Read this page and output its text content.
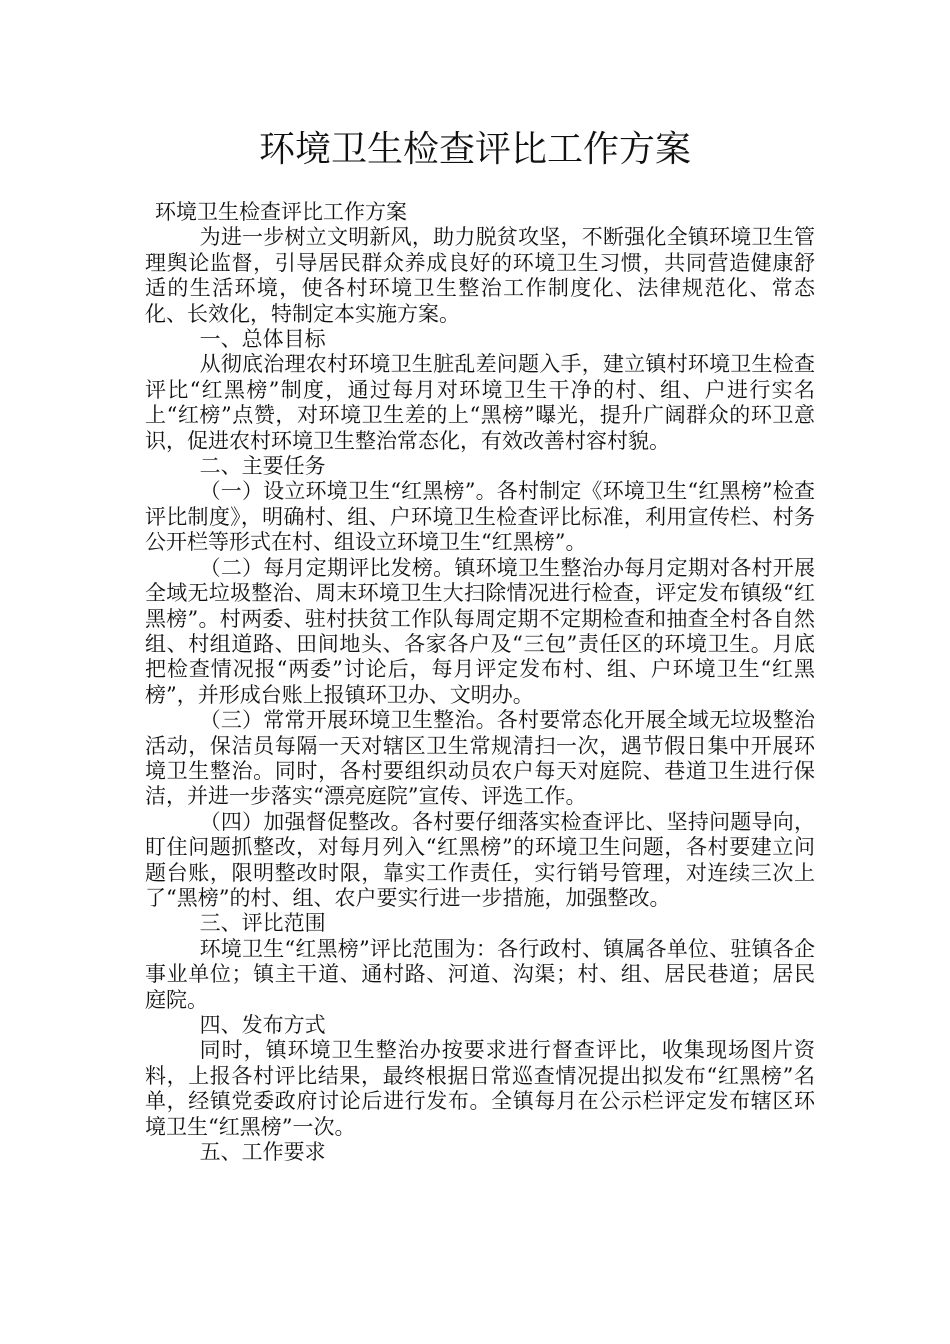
环境卫生检查评比工作方案

环境卫生检查评比工作方案

为进一步树立文明新风，助力脱贫攻坚，不断强化全镇环境卫生管理舆论监督，引导居民群众养成良好的环境卫生习惯，共同营造健康舒适的生活环境，使各村环境卫生整治工作制度化、法律规范化、常态化、长效化，特制定本实施方案。

一、总体目标

从彻底治理农村环境卫生脏乱差问题入手，建立镇村环境卫生检查评比“红黑榜”制度，通过每月对环境卫生干净的村、组、户进行实名上“红榜”点赞，对环境卫生差的上“黑榜”曝光，提升广阔群众的环卫意识，促进农村环境卫生整治常态化，有效改善村容村貌。

二、主要任务

（一）设立环境卫生“红黑榜”。各村制定《环境卫生“红黑榜”检查评比制度》，明确村、组、户环境卫生检查评比标准，利用宣传栏、村务公开栏等形式在村、组设立环境卫生“红黑榜”。

（二）每月定期评比发榜。镇环境卫生整治办每月定期对各村开展全域无垃圾整治、周末环境卫生大扫除情况进行检查，评定发布镇级“红黑榜”。村两委、驻村扶贫工作队每周定期不定期检查和抽查全村各自然组、村组道路、田间地头、各家各户及“三包”责任区的环境卫生。月底把检查情况报“两委”讨论后，每月评定发布村、组、户环境卫生“红黑榜”，并形成台账上报镇环卫办、文明办。

（三）常常开展环境卫生整治。各村要常态化开展全域无垃圾整治活动，保洁员每隔一天对辖区卫生常规清扫一次，遇节假日集中开展环境卫生整治。同时，各村要组织动员农户每天对庭院、巷道卫生进行保洁，并进一步落实“漂亮庭院”宣传、评选工作。

（四）加强督促整改。各村要仔细落实检查评比、坚持问题导向，盯住问题抓整改，对每月列入“红黑榜”的环境卫生问题，各村要建立问题台账，限明整改时限，靠实工作责任，实行销号管理，对连续三次上了“黑榜”的村、组、农户要实行进一步措施，加强整改。

三、评比范围

环境卫生“红黑榜”评比范围为：各行政村、镇属各单位、驻镇各企事业单位；镇主干道、通村路、河道、沟渠；村、组、居民巷道；居民庭院。

四、发布方式

同时，镇环境卫生整治办按要求进行督查评比，收集现场图片资料，上报各村评比结果，最终根据日常巡查情况提出拟发布“红黑榜”名单，经镇党委政府讨论后进行发布。全镇每月在公示栏评定发布辖区环境卫生“红黑榜”一次。

五、工作要求
